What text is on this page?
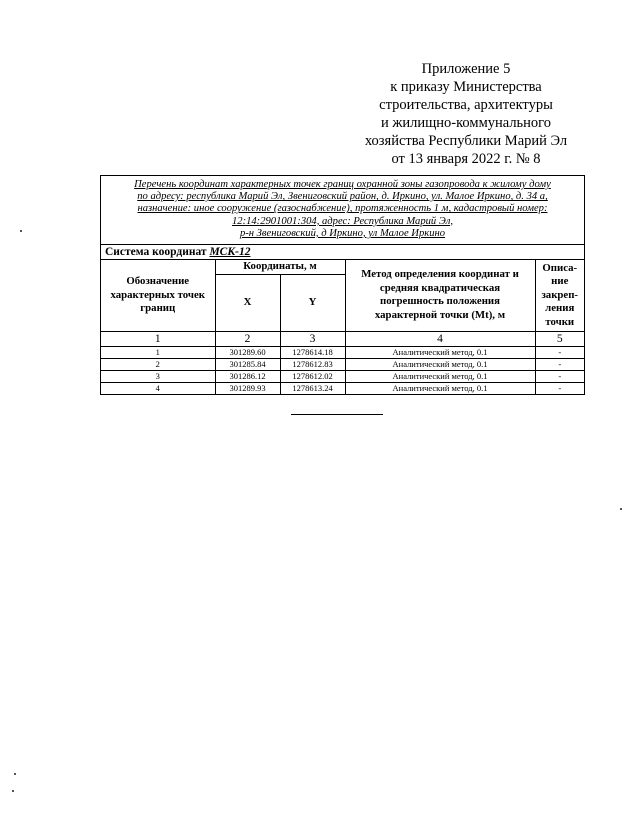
Приложение 5
к приказу Министерства
строительства, архитектуры
и жилищно-коммунального
хозяйства Республики Марий Эл
от 13 января 2022 г. № 8
Перечень координат характерных точек границ охранной зоны газопровода к жилому дому
по адресу: республика Марий Эл, Звениговский район, д. Иркино, ул. Малое Иркино, д. 34 а,
назначение: иное сооружение (газоснабжение), протяженность 1 м, кадастровый номер:
12:14:2901001:304, адрес: Республика Марий Эл,
р-н Звениговский, д Иркино, ул Малое Иркино
Система координат МСК-12
Обозначение характерных точек границ	Координаты, м		Метод определения координат и средняя квадратическая погрешность положения характерной точки (Мt), м	Описа-ние закреп-ления точки
	X	Y		
1	2	3	4	5
1	301289.60	1278614.18	Аналитический метод, 0.1	-
2	301285.84	1278612.83	Аналитический метод, 0.1	-
3	301286.12	1278612.02	Аналитический метод, 0.1	-
4	301289.93	1278613.24	Аналитический метод, 0.1	-
